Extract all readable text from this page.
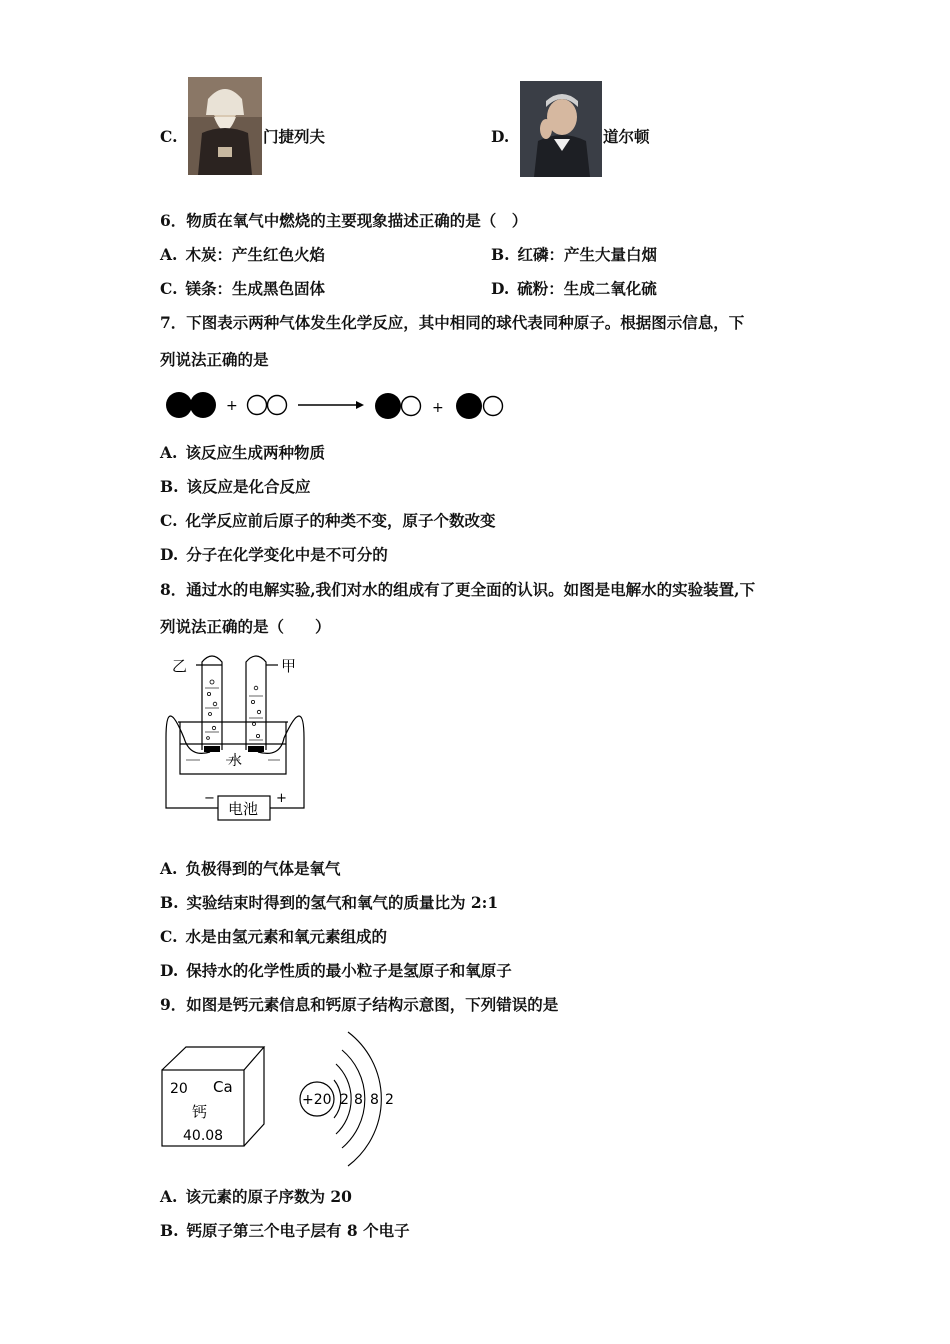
C.	门捷列夫	D.	道尔顿
6．物质在氧气中燃烧的主要现象描述正确的是（　）
A. 木炭：产生红色火焰	B. 红磷：产生大量白烟
C. 镁条：生成黑色固体	D. 硫粉：生成二氧化硫
7．下图表示两种气体发生化学反应，其中相同的球代表同种原子。根据图示信息，下
列说法正确的是
+	+
A. 该反应生成两种物质
B. 该反应是化合反应
C. 化学反应前后原子的种类不变，原子个数改变
D. 分子在化学变化中是不可分的
8．通过水的电解实验,我们对水的组成有了更全面的认识。如图是电解水的实验装置,下
列说法正确的是（　　）
乙	甲
水
电池
−	+
A. 负极得到的气体是氧气
B. 实验结束时得到的氢气和氧气的质量比为 2:1
C. 水是由氢元素和氧元素组成的
D. 保持水的化学性质的最小粒子是氢原子和氧原子
9．如图是钙元素信息和钙原子结构示意图，下列错误的是
20 Ca
钙
40.08
+20 2 8 8 2
A. 该元素的原子序数为 20
B. 钙原子第三个电子层有 8 个电子
